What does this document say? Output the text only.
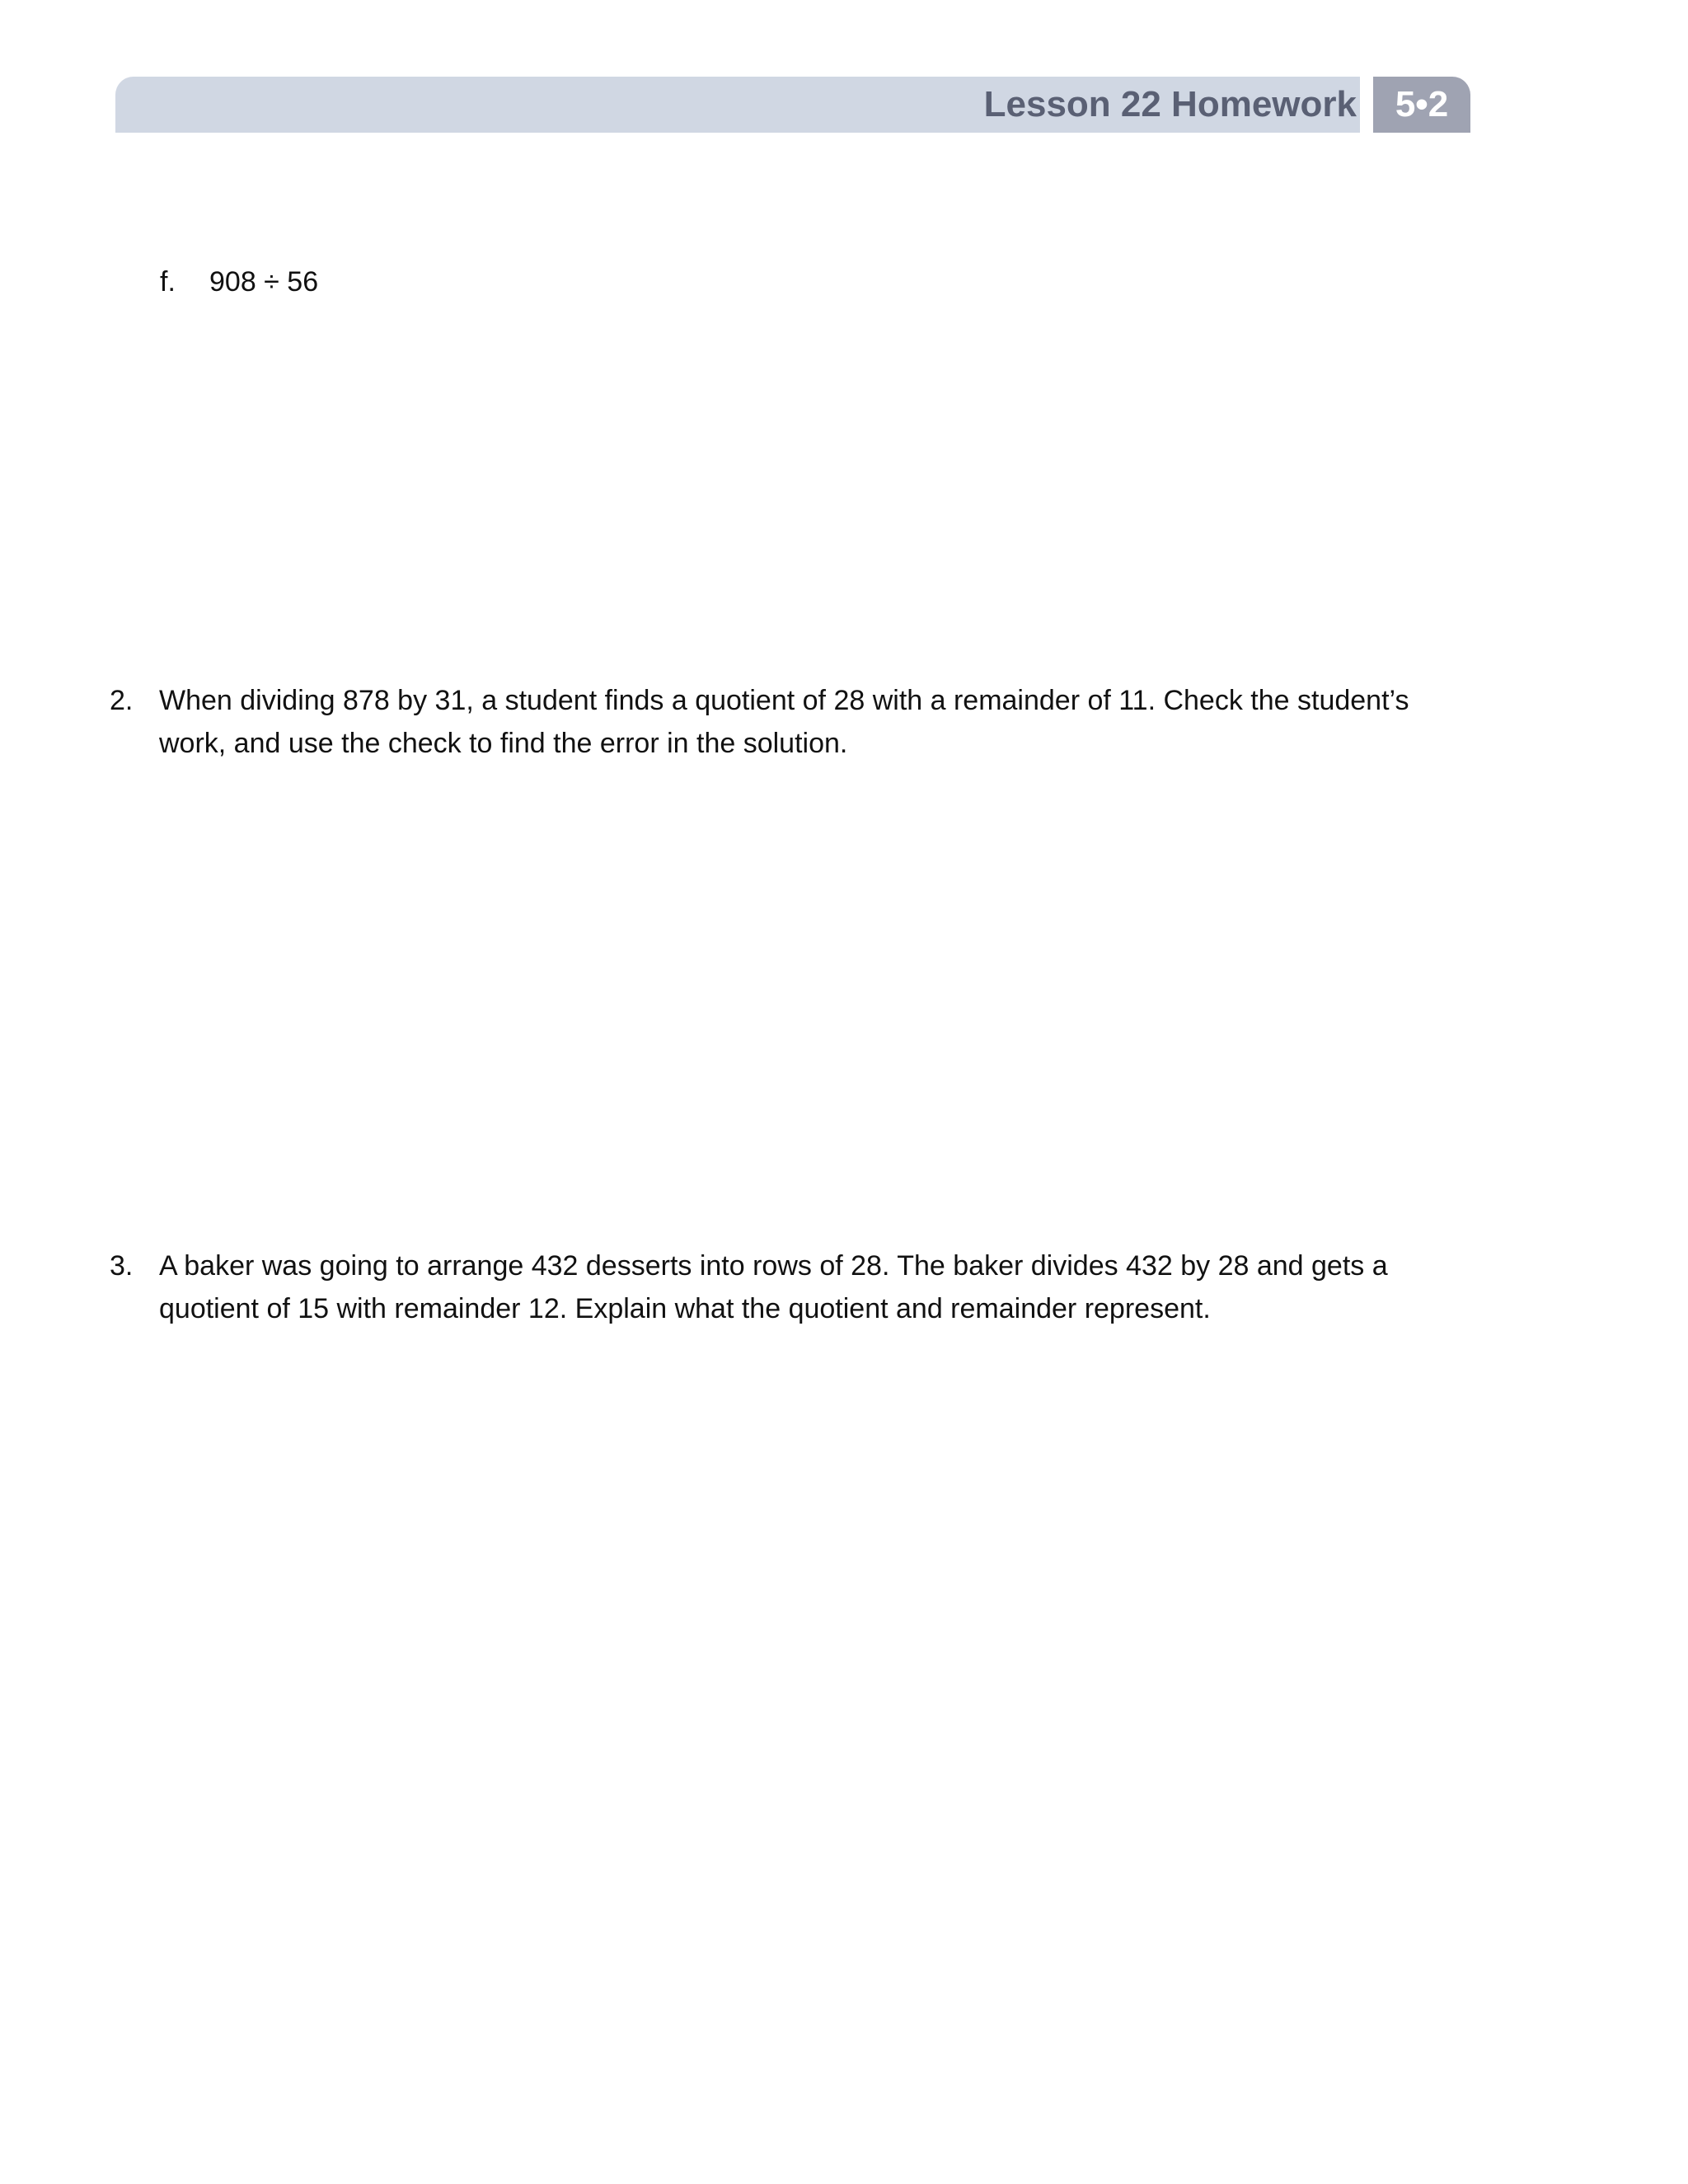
Lesson 22 Homework	5•2
f. 908 ÷ 56
2. When dividing 878 by 31, a student finds a quotient of 28 with a remainder of 11. Check the student’s
work, and use the check to find the error in the solution.
3. A baker was going to arrange 432 desserts into rows of 28. The baker divides 432 by 28 and gets a
quotient of 15 with remainder 12. Explain what the quotient and remainder represent.
